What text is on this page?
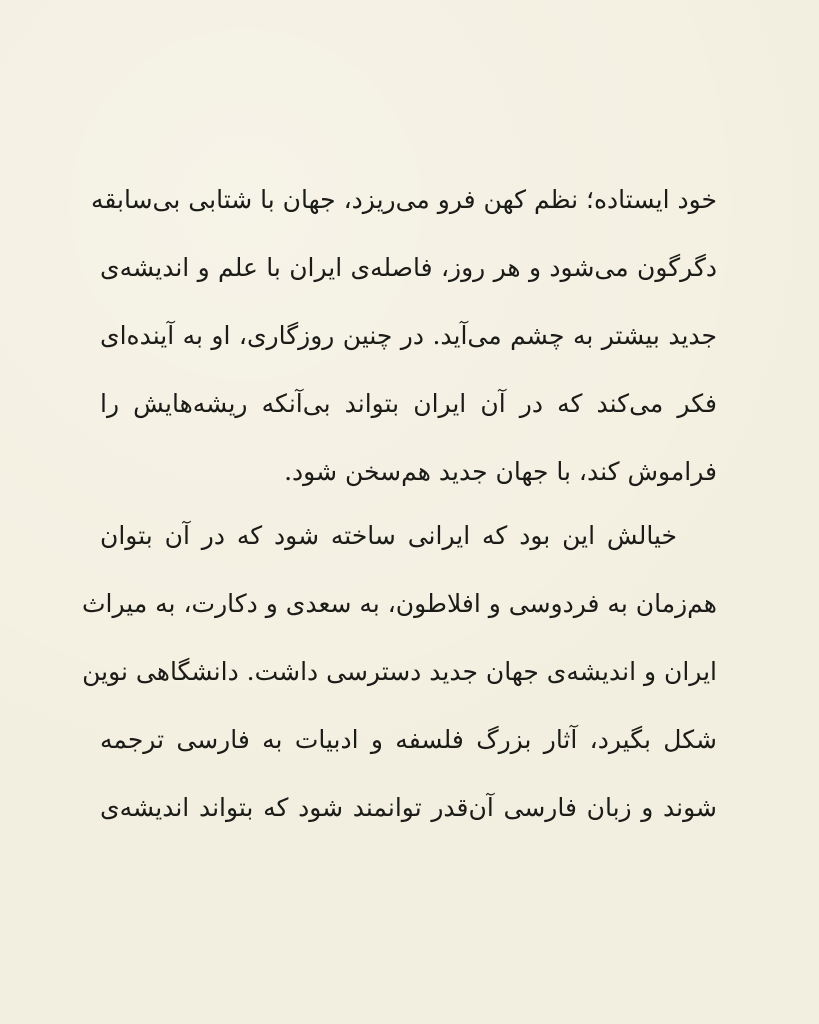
خود ایستاده؛ نظم کهن فرو می‌ریزد، جهان با شتابی بی‌سابقه
دگرگون می‌شود و هر روز، فاصله‌ی ایران با علم و اندیشه‌ی
جدید بیشتر به چشم می‌آید. در چنین روزگاری، او به آینده‌ای
فکر می‌کند که در آن ایران بتواند بی‌آنکه ریشه‌هایش را
فراموش کند، با جهان جدید هم‌سخن شود.
خیالش این بود که ایرانی ساخته شود که در آن بتوان
هم‌زمان به فردوسی و افلاطون، به سعدی و دکارت، به میراث
ایران و اندیشه‌ی جهان جدید دسترسی داشت. دانشگاهی نوین
شکل بگیرد، آثار بزرگ فلسفه و ادبیات به فارسی ترجمه
شوند و زبان فارسی آن‌قدر توانمند شود که بتواند اندیشه‌ی
